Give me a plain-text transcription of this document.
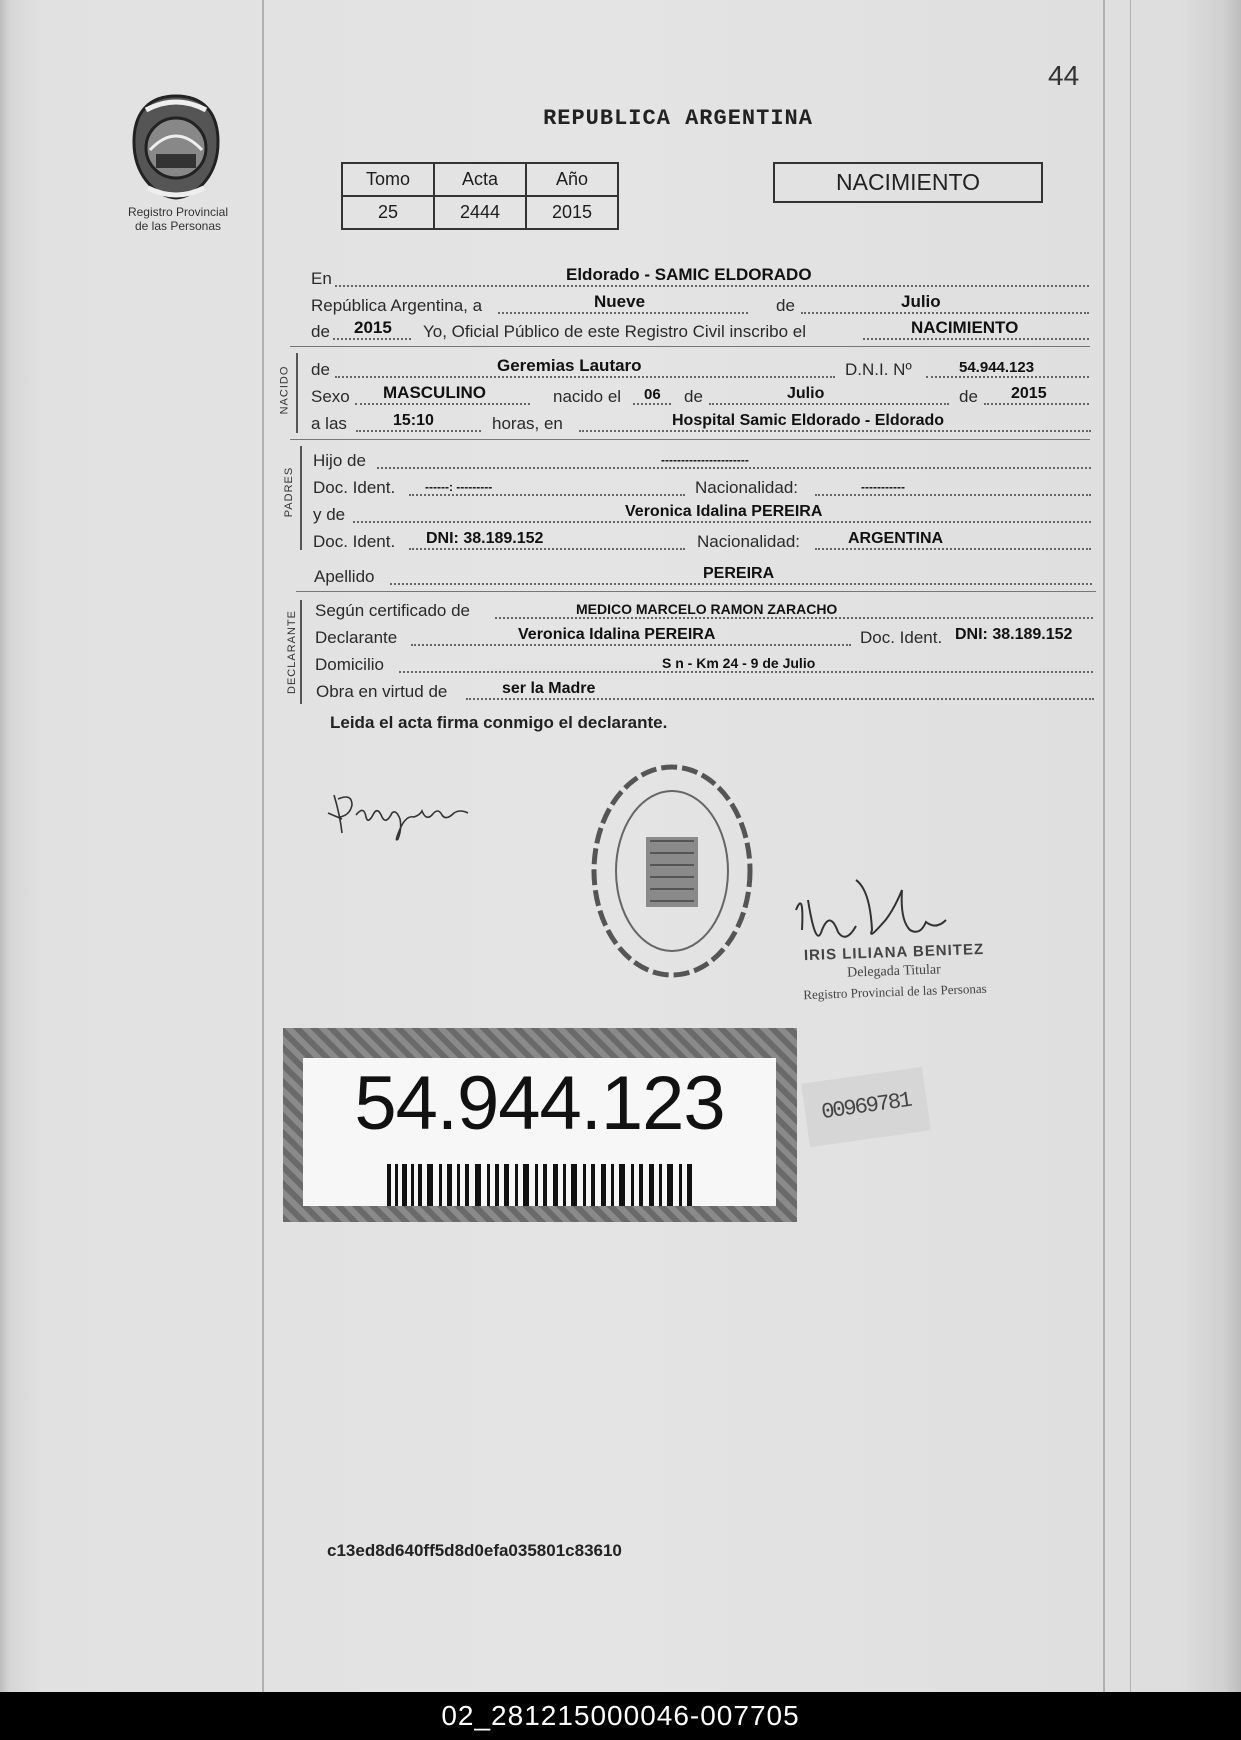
44
Registro Provincial
de las Personas
REPUBLICA ARGENTINA
Tomo	Acta	Año
25	2444	2015
NACIMIENTO
En	Eldorado - SAMIC ELDORADO
República Argentina, a	Nueve	de	Julio
de 2015 Yo, Oficial Público de este Registro Civil inscribo el	NACIMIENTO
NACIDO de	Geremias Lautaro	D.N.I. Nº	54.944.123
Sexo MASCULINO	nacido el 06 de	Julio	de 2015
a las	15:10	horas, en	Hospital Samic Eldorado - Eldorado
PADRES
Hijo de	----------------------
Doc. Ident. ------: ---------	Nacionalidad:	-----------
y de	Veronica Idalina PEREIRA
Doc. Ident. DNI: 38.189.152	Nacionalidad:	ARGENTINA
Apellido	PEREIRA
DECLARANTE Según certificado de	MEDICO MARCELO RAMON ZARACHO
Declarante	Veronica Idalina PEREIRA	Doc. Ident. DNI: 38.189.152
Domicilio	S n - Km 24 - 9 de Julio
Obra en virtud de	ser la Madre
Leida el acta firma conmigo el declarante.
IRIS LILIANA BENITEZ
Delegada Titular
Registro Provincial de las Personas
54.944.123	00969781
c13ed8d640ff5d8d0efa035801c83610
02_281215000046-007705
